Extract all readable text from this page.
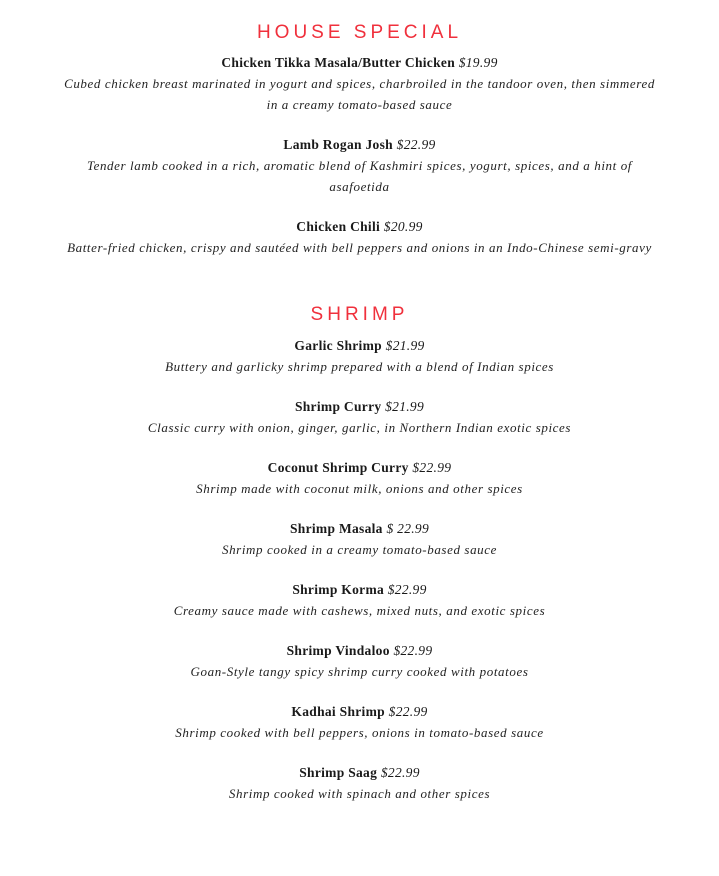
HOUSE SPECIAL
Chicken Tikka Masala/Butter Chicken $19.99
Cubed chicken breast marinated in yogurt and spices, charbroiled in the tandoor oven, then simmered in a creamy tomato-based sauce
Lamb Rogan Josh $22.99
Tender lamb cooked in a rich, aromatic blend of Kashmiri spices, yogurt, spices, and a hint of asafoetida
Chicken Chili $20.99
Batter-fried chicken, crispy and sautéed with bell peppers and onions in an Indo-Chinese semi-gravy
SHRIMP
Garlic Shrimp $21.99
Buttery and garlicky shrimp prepared with a blend of Indian spices
Shrimp Curry $21.99
Classic curry with onion, ginger, garlic, in Northern Indian exotic spices
Coconut Shrimp Curry $22.99
Shrimp made with coconut milk, onions and other spices
Shrimp Masala $ 22.99
Shrimp cooked in a creamy tomato-based sauce
Shrimp Korma $22.99
Creamy sauce made with cashews, mixed nuts, and exotic spices
Shrimp Vindaloo $22.99
Goan-Style tangy spicy shrimp curry cooked with potatoes
Kadhai Shrimp $22.99
Shrimp cooked with bell peppers, onions in tomato-based sauce
Shrimp Saag $22.99
Shrimp cooked with spinach and other spices
